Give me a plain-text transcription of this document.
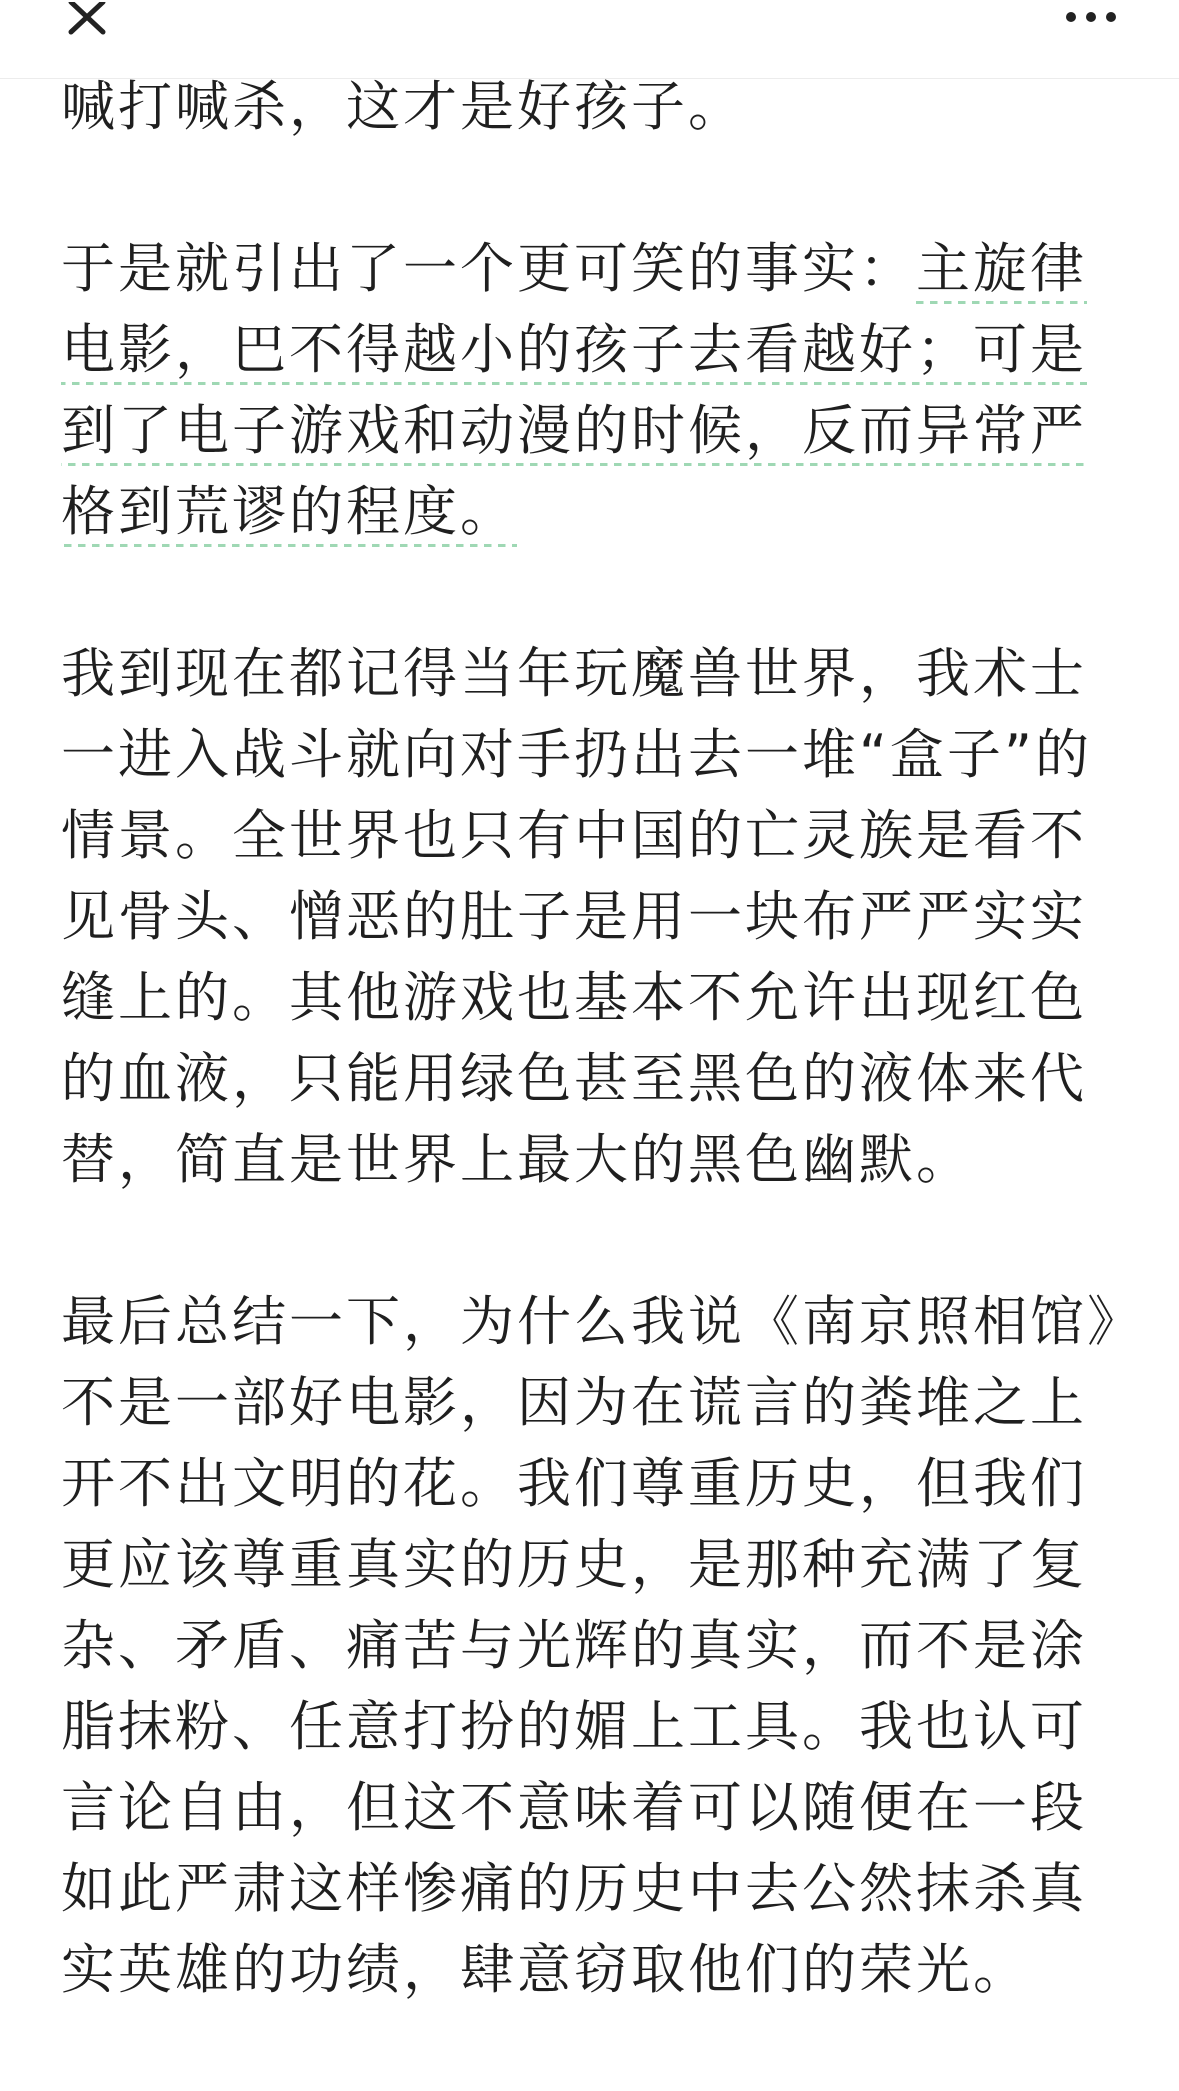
喊打喊杀，这才是好孩子。

于是就引出了一个更可笑的事实：主旋律电影，巴不得越小的孩子去看越好；可是到了电子游戏和动漫的时候，反而异常严格到荒谬的程度。

我到现在都记得当年玩魔兽世界，我术士一进入战斗就向对手扔出去一堆“盒子”的情景。全世界也只有中国的亡灵族是看不见骨头、憎恶的肚子是用一块布严严实实缝上的。其他游戏也基本不允许出现红色的血液，只能用绿色甚至黑色的液体来代替，简直是世界上最大的黑色幽默。

最后总结一下，为什么我说《南京照相馆》不是一部好电影，因为在谎言的粪堆之上开不出文明的花。我们尊重历史，但我们更应该尊重真实的历史，是那种充满了复杂、矛盾、痛苦与光辉的真实，而不是涂脂抹粉、任意打扮的媚上工具。我也认可言论自由，但这不意味着可以随便在一段如此严肃这样惨痛的历史中去公然抹杀真实英雄的功绩，肆意窃取他们的荣光。
